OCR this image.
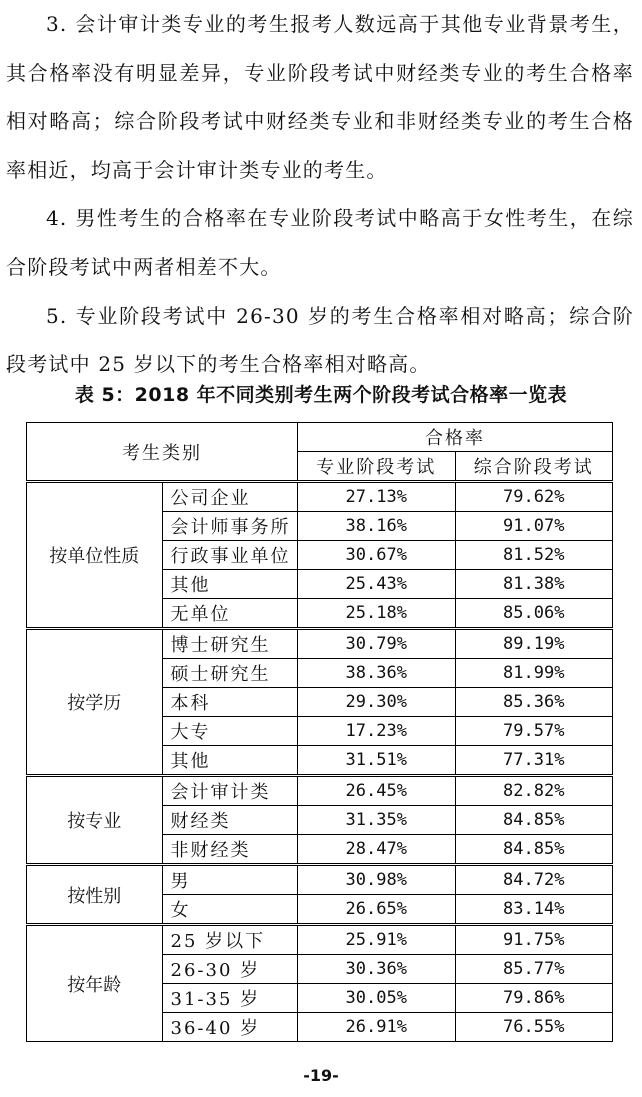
3. 会计审计类专业的考生报考人数远高于其他专业背景考生，其合格率没有明显差异，专业阶段考试中财经类专业的考生合格率相对略高；综合阶段考试中财经类专业和非财经类专业的考生合格率相近，均高于会计审计类专业的考生。

4. 男性考生的合格率在专业阶段考试中略高于女性考生，在综合阶段考试中两者相差不大。

5. 专业阶段考试中 26-30 岁的考生合格率相对略高；综合阶段考试中 25 岁以下的考生合格率相对略高。

表 5：2018 年不同类别考生两个阶段考试合格率一览表
考生类别		合格率	
		专业阶段考试	综合阶段考试
按单位性质	公司企业	27.13%	79.62%
	会计师事务所	38.16%	91.07%
	行政事业单位	30.67%	81.52%
	其他	25.43%	81.38%
	无单位	25.18%	85.06%
按学历	博士研究生	30.79%	89.19%
	硕士研究生	38.36%	81.99%
	本科	29.30%	85.36%
	大专	17.23%	79.57%
	其他	31.51%	77.31%
按专业	会计审计类	26.45%	82.82%
	财经类	31.35%	84.85%
	非财经类	28.47%	84.85%
按性别	男	30.98%	84.72%
	女	26.65%	83.14%
按年龄	25 岁以下	25.91%	91.75%
	26-30 岁	30.36%	85.77%
	31-35 岁	30.05%	79.86%
	36-40 岁	26.91%	76.55%
-19-
